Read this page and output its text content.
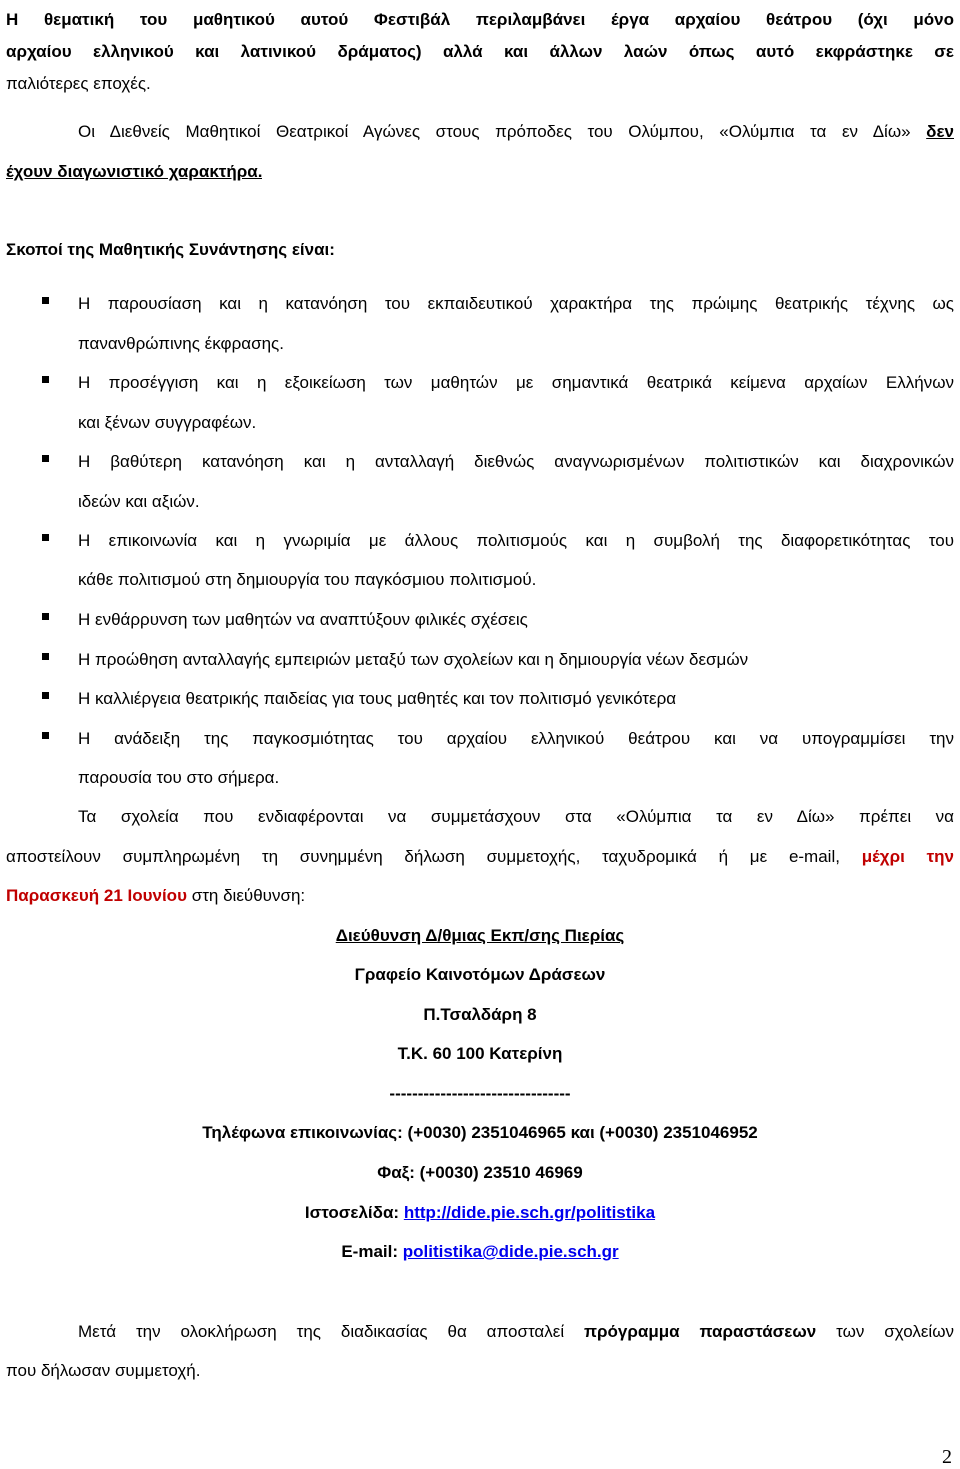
Η θεματική του μαθητικού αυτού Φεστιβάλ περιλαμβάνει έργα αρχαίου θεάτρου (όχι μόνο
αρχαίου ελληνικού και λατινικού δράματος) αλλά και άλλων λαών όπως αυτό εκφράστηκε σε
παλιότερες εποχές.
Οι Διεθνείς Μαθητικοί Θεατρικοί Αγώνες στους πρόποδες του Ολύμπου, «Ολύμπια τα εν Δίω» δεν
έχουν διαγωνιστικό χαρακτήρα.
Σκοποί της Μαθητικής Συνάντησης είναι:
Η παρουσίαση και η κατανόηση του εκπαιδευτικού χαρακτήρα της πρώιμης θεατρικής τέχνης ως
πανανθρώπινης έκφρασης.
Η προσέγγιση και η εξοικείωση των μαθητών με σημαντικά θεατρικά κείμενα αρχαίων Ελλήνων
και ξένων συγγραφέων.
Η βαθύτερη κατανόηση και η ανταλλαγή διεθνώς αναγνωρισμένων πολιτιστικών και διαχρονικών
ιδεών και αξιών.
Η επικοινωνία και η γνωριμία με άλλους πολιτισμούς και η συμβολή της διαφορετικότητας του
κάθε πολιτισμού στη δημιουργία του παγκόσμιου πολιτισμού.
Η ενθάρρυνση των μαθητών να αναπτύξουν φιλικές σχέσεις
Η προώθηση ανταλλαγής εμπειριών μεταξύ των σχολείων και η δημιουργία νέων δεσμών
Η καλλιέργεια θεατρικής παιδείας για τους μαθητές και τον πολιτισμό γενικότερα
Η ανάδειξη της παγκοσμιότητας του αρχαίου ελληνικού θεάτρου και να υπογραμμίσει την
παρουσία του στο σήμερα.
Τα σχολεία που ενδιαφέρονται να συμμετάσχουν στα «Ολύμπια τα εν Δίω» πρέπει να
αποστείλουν συμπληρωμένη τη συνημμένη δήλωση συμμετοχής, ταχυδρομικά ή με e-mail, μέχρι την
Παρασκευή 21 Ιουνίου στη διεύθυνση:
Διεύθυνση Δ/θμιας Εκπ/σης Πιερίας
Γραφείο Καινοτόμων Δράσεων
Π.Τσαλδάρη 8
Τ.Κ. 60 100 Κατερίνη
--------------------------------
Τηλέφωνα επικοινωνίας: (+0030) 2351046965 και (+0030) 2351046952
Φαξ: (+0030) 23510 46969
Ιστοσελίδα: http://dide.pie.sch.gr/politistika
E-mail: politistika@dide.pie.sch.gr
Μετά την ολοκλήρωση της διαδικασίας θα αποσταλεί πρόγραμμα παραστάσεων των σχολείων
που δήλωσαν συμμετοχή.
2
